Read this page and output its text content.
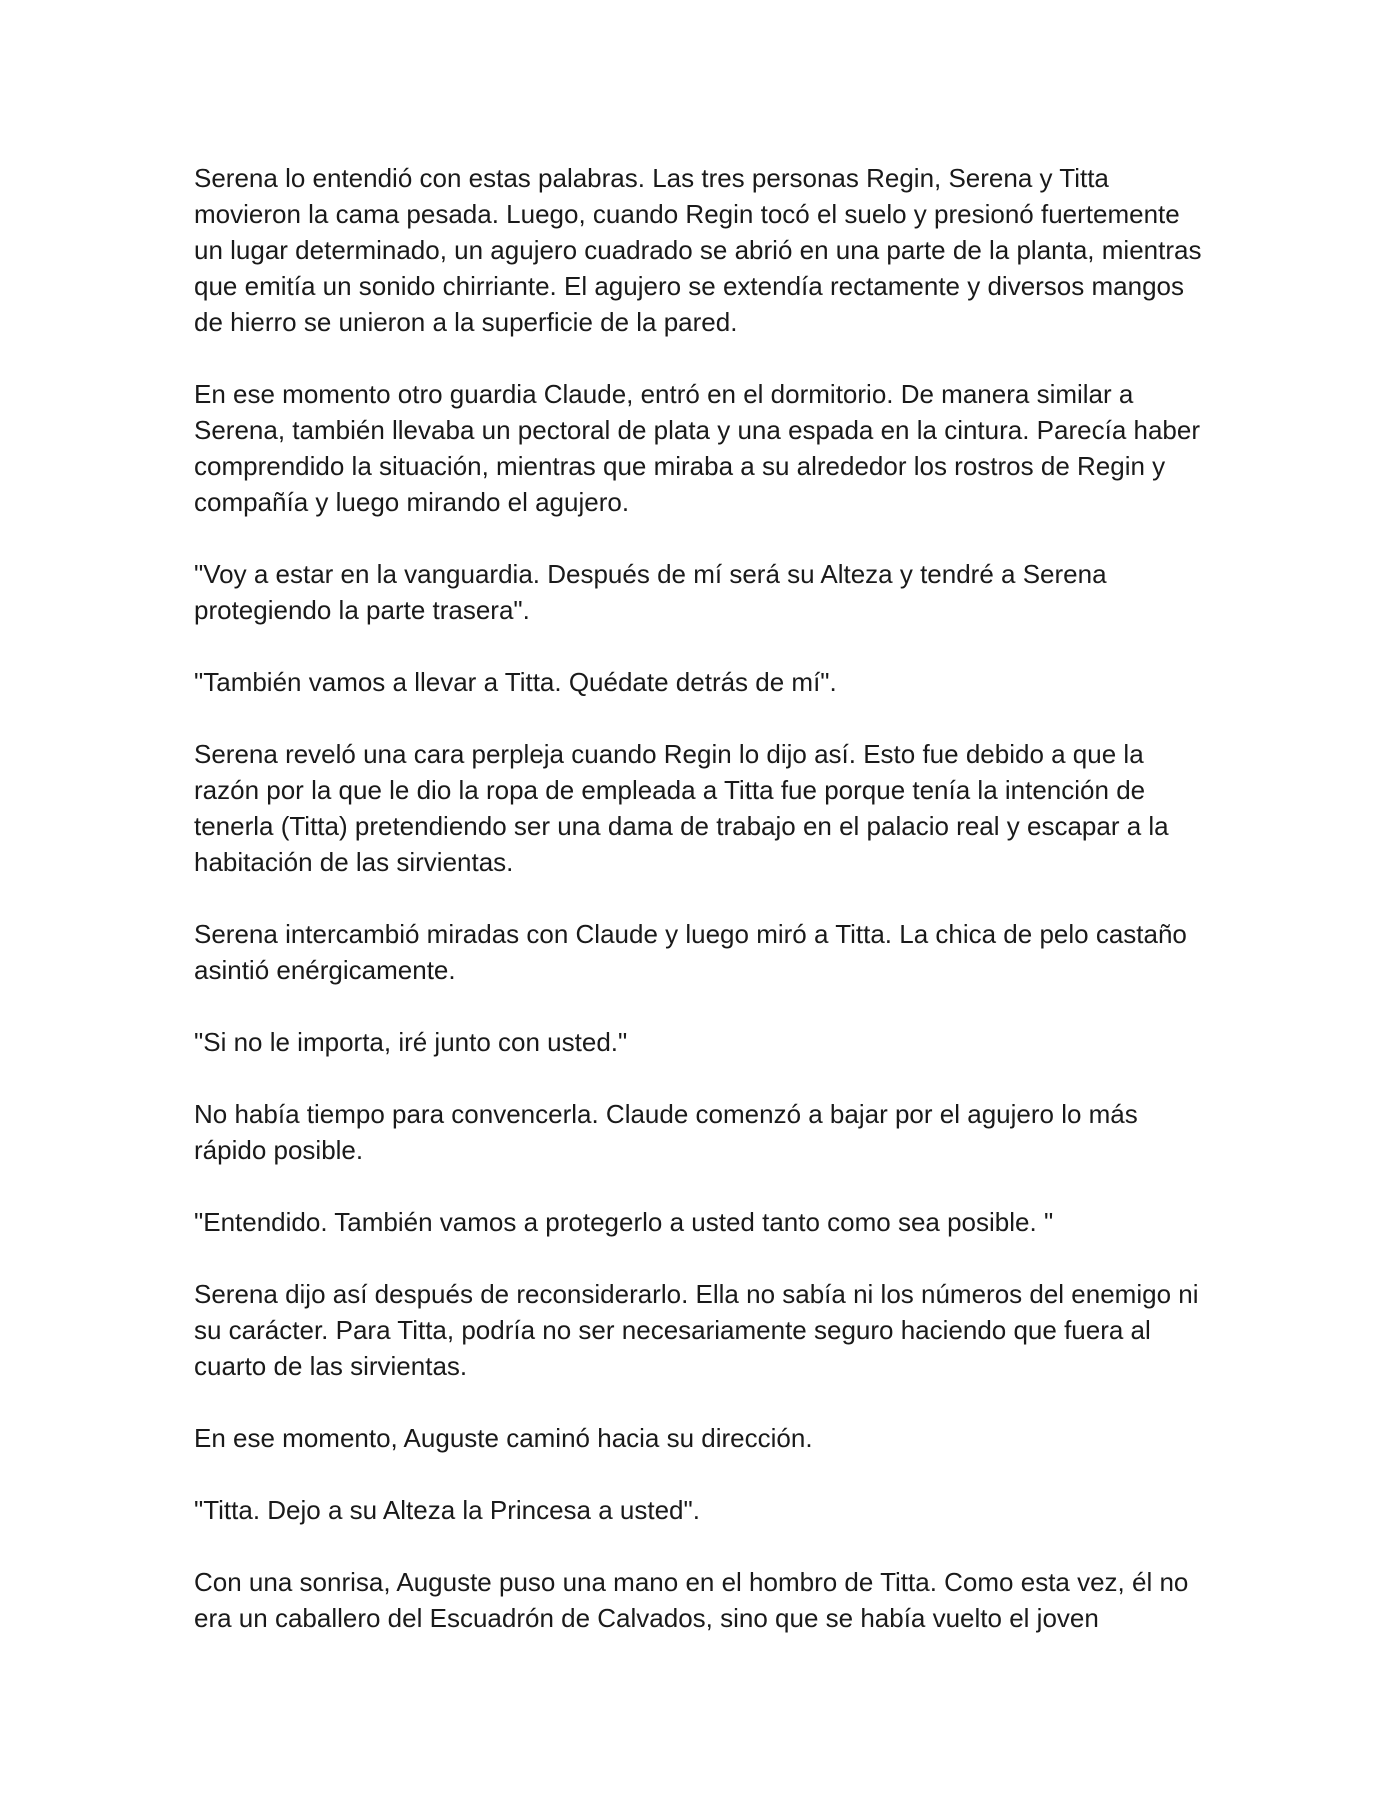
Serena lo entendió con estas palabras. Las tres personas Regin, Serena y Titta movieron la cama pesada. Luego, cuando Regin tocó el suelo y presionó fuertemente un lugar determinado, un agujero cuadrado se abrió en una parte de la planta, mientras que emitía un sonido chirriante. El agujero se extendía rectamente y diversos mangos de hierro se unieron a la superficie de la pared.

En ese momento otro guardia Claude, entró en el dormitorio. De manera similar a Serena, también llevaba un pectoral de plata y una espada en la cintura. Parecía haber comprendido la situación, mientras que miraba a su alrededor los rostros de Regin y compañía y luego mirando el agujero.

"Voy a estar en la vanguardia. Después de mí será su Alteza y tendré a Serena protegiendo la parte trasera".

"También vamos a llevar a Titta. Quédate detrás de mí".

Serena reveló una cara perpleja cuando Regin lo dijo así. Esto fue debido a que la razón por la que le dio la ropa de empleada a Titta fue porque tenía la intención de tenerla (Titta) pretendiendo ser una dama de trabajo en el palacio real y escapar a la habitación de las sirvientas.

Serena intercambió miradas con Claude y luego miró a Titta. La chica de pelo castaño asintió enérgicamente.

"Si no le importa, iré junto con usted."

No había tiempo para convencerla. Claude comenzó a bajar por el agujero lo más rápido posible.

"Entendido. También vamos a protegerlo a usted tanto como sea posible. "

Serena dijo así después de reconsiderarlo. Ella no sabía ni los números del enemigo ni su carácter. Para Titta, podría no ser necesariamente seguro haciendo que fuera al cuarto de las sirvientas.

En ese momento, Auguste caminó hacia su dirección.

"Titta. Dejo a su Alteza la Princesa a usted".

Con una sonrisa, Auguste puso una mano en el hombro de Titta. Como esta vez, él no era un caballero del Escuadrón de Calvados, sino que se había vuelto el joven
